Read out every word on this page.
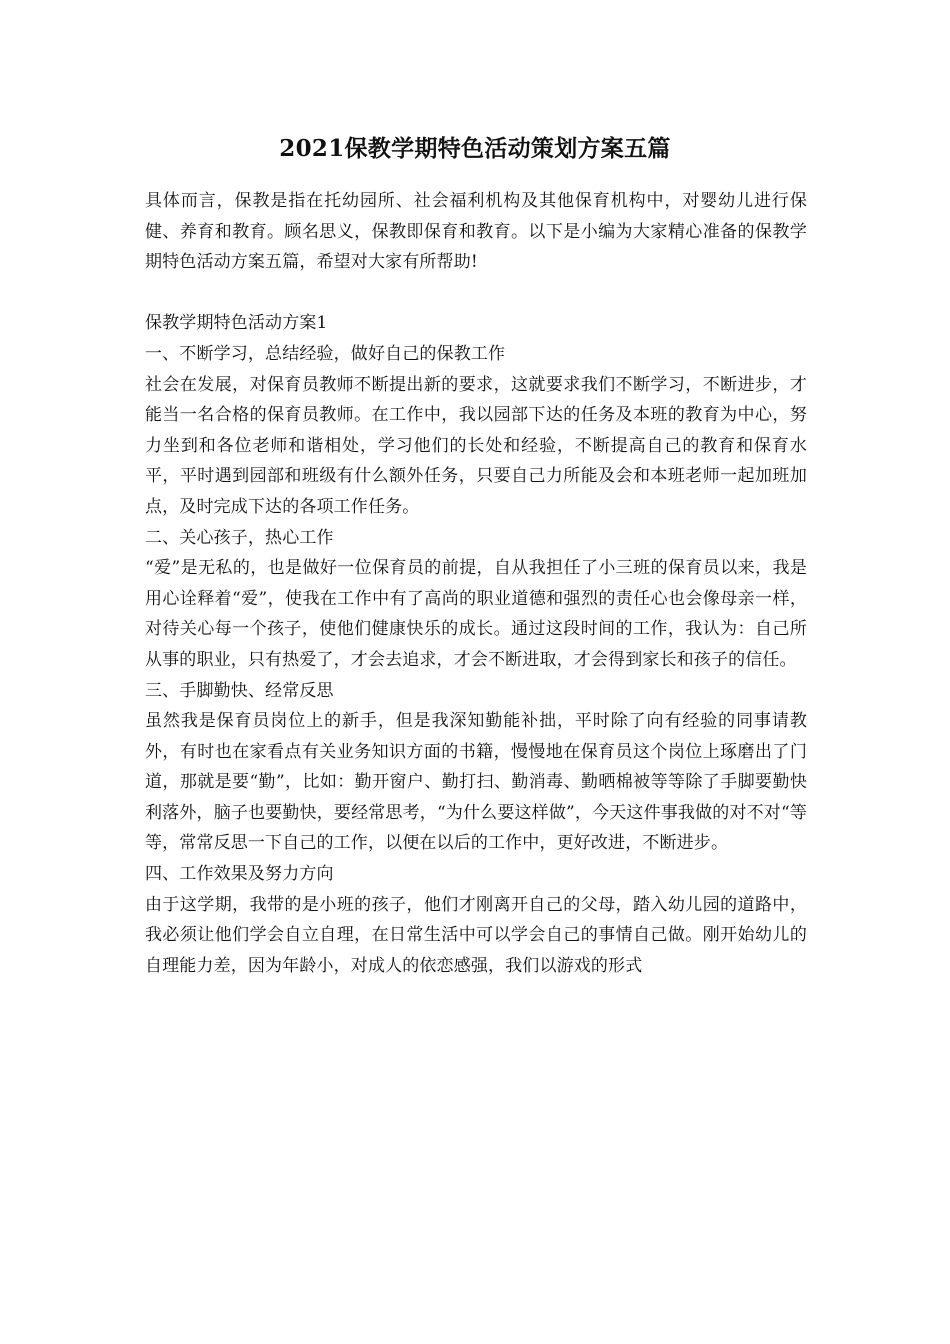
2021保教学期特色活动策划方案五篇

具体而言，保教是指在托幼园所、社会福利机构及其他保育机构中，对婴幼儿进行保健、养育和教育。顾名思义，保教即保育和教育。以下是小编为大家精心准备的保教学期特色活动方案五篇，希望对大家有所帮助!

保教学期特色活动方案1

一、不断学习，总结经验，做好自己的保教工作

社会在发展，对保育员教师不断提出新的要求，这就要求我们不断学习，不断进步，才能当一名合格的保育员教师。在工作中，我以园部下达的任务及本班的教育为中心，努力坐到和各位老师和谐相处，学习他们的长处和经验，不断提高自己的教育和保育水平，平时遇到园部和班级有什么额外任务，只要自己力所能及会和本班老师一起加班加点，及时完成下达的各项工作任务。

二、关心孩子，热心工作

“爱”是无私的，也是做好一位保育员的前提，自从我担任了小三班的保育员以来，我是用心诠释着“爱”，使我在工作中有了高尚的职业道德和强烈的责任心也会像母亲一样，对待关心每一个孩子，使他们健康快乐的成长。通过这段时间的工作，我认为：自己所从事的职业，只有热爱了，才会去追求，才会不断进取，才会得到家长和孩子的信任。

三、手脚勤快、经常反思

虽然我是保育员岗位上的新手，但是我深知勤能补拙，平时除了向有经验的同事请教外，有时也在家看点有关业务知识方面的书籍，慢慢地在保育员这个岗位上琢磨出了门道，那就是要“勤”，比如：勤开窗户、勤打扫、勤消毒、勤晒棉被等等除了手脚要勤快利落外，脑子也要勤快，要经常思考，“为什么要这样做”，今天这件事我做的对不对“等等，常常反思一下自己的工作，以便在以后的工作中，更好改进，不断进步。

四、工作效果及努力方向

由于这学期，我带的是小班的孩子，他们才刚离开自己的父母，踏入幼儿园的道路中，我必须让他们学会自立自理，在日常生活中可以学会自己的事情自己做。刚开始幼儿的自理能力差，因为年龄小，对成人的依恋感强，我们以游戏的形式
